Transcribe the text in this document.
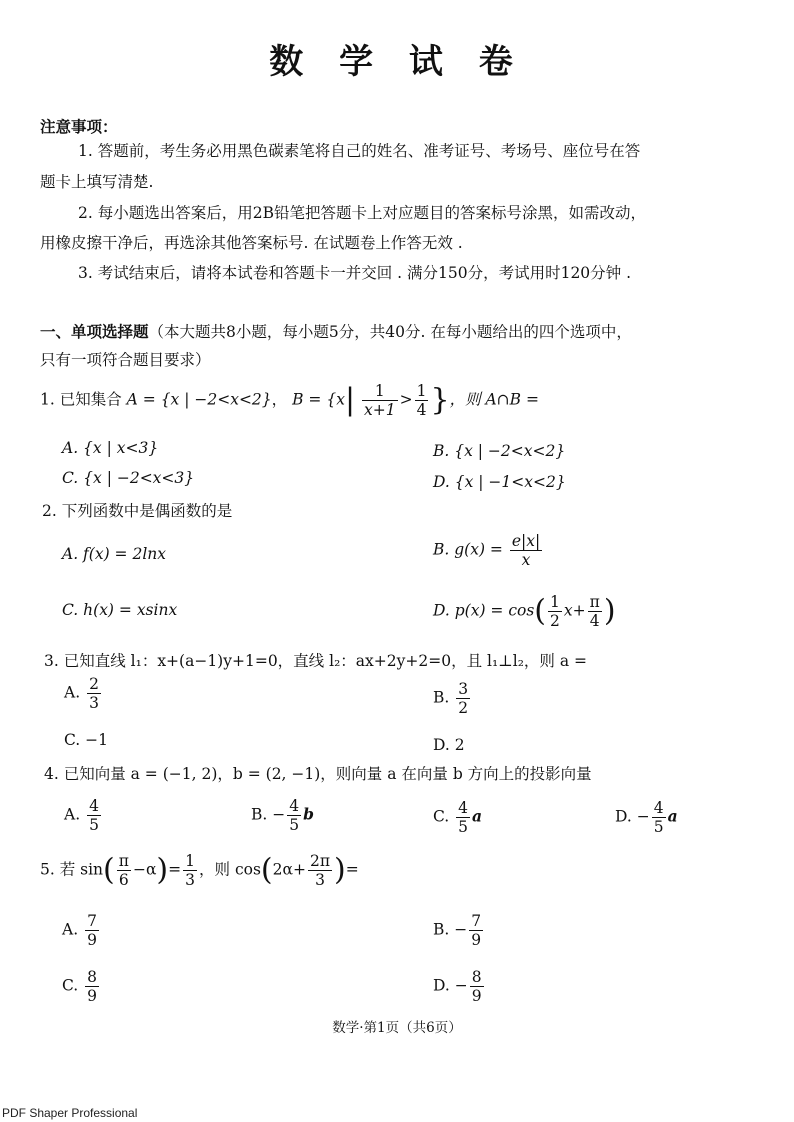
数 学 试 卷
注意事项：
1. 答题前，考生务必用黑色碳素笔将自己的姓名、准考证号、考场号、座位号在答
题卡上填写清楚.
2. 每小题选出答案后，用2B铅笔把答题卡上对应题目的答案标号涂黑，如需改动，
用橡皮擦干净后，再选涂其他答案标号. 在试题卷上作答无效 .
3. 考试结束后，请将本试卷和答题卡一并交回 . 满分150分，考试用时120分钟 .
一、单项选择题（本大题共8小题，每小题5分，共40分. 在每小题给出的四个选项中，
只有一项符合题目要求）
1. 已知集合 A = {x | −2<x<2}， $B = \{x| \frac{1}{x+1} > \frac{1}{4}$ }，则 A∩B =
A. {x | x<3}	B. {x | −2<x<2}
C. {x | −2<x<3}	D. {x | −1<x<2}
2. 下列函数中是偶函数的是
A. f(x) = 2lnx	B. $g(x) = \frac{e|x|}{x}$
C. h(x) = xsinx	D. $p(x) = \cos( \frac{1}{2} x+ \frac{\pi}{4}$ )
3. 已知直线 l₁：x+(a−1)y+1=0，直线 l₂：ax+2y+2=0，且 l₁⊥l₂，则 a =
A. $\frac{2}{3}$	B. $\frac{3}{2}$
C. −1	D. 2
4. 已知向量 a = (−1, 2)，b = (2, −1)，则向量 a 在向量 b 方向上的投影向量
A. $\frac{4}{5}$	B. − $\frac{4}{5}$ b	C. $\frac{4}{5}$ a	D. − $\frac{4}{5}$ a
5. 若 $\sin( \frac{\pi}{6} -\alpha)= \frac{1}{3}$ ，则 $\cos(2\alpha+ \frac{2\pi}{3}$ )=
A. $\frac{7}{9}$	B. − $\frac{7}{9}$
C. $\frac{8}{9}$	D. − $\frac{8}{9}$
数学·第1页（共6页）
PDF Shaper Professional
